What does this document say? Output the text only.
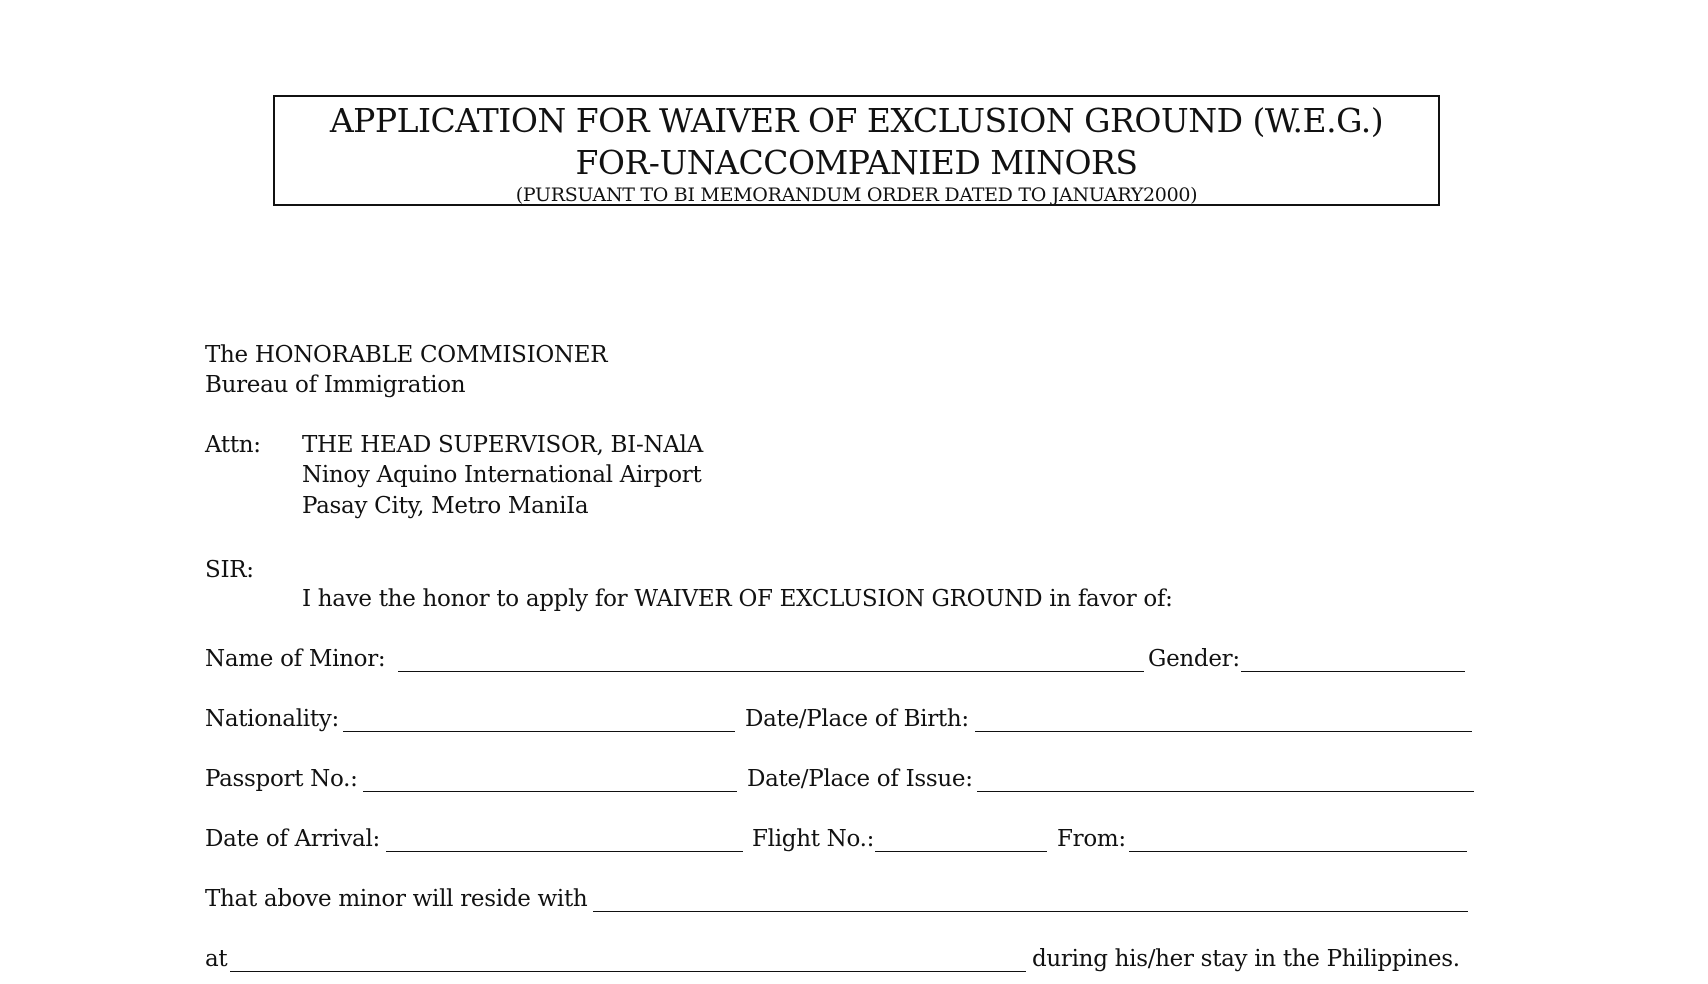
APPLICATION FOR WAIVER OF EXCLUSION GROUND (W.E.G.)
FOR-UNACCOMPANIED MINORS
(PURSUANT TO BI MEMORANDUM ORDER DATED TO JANUARY2000)
The HONORABLE COMMISIONER
Bureau of Immigration
Attn: THE HEAD SUPERVISOR, BI-NAlA
Ninoy Aquino International Airport
Pasay City, Metro ManiIa
SIR:
I have the honor to apply for WAIVER OF EXCLUSION GROUND in favor of:
Name of Minor:	Gender:
Nationality:	Date/Place of Birth:
Passport No.:	Date/Place of Issue:
Date of Arrival:	Flight No.:	From:
That above minor will reside with
at	during his/her stay in the Philippines.
